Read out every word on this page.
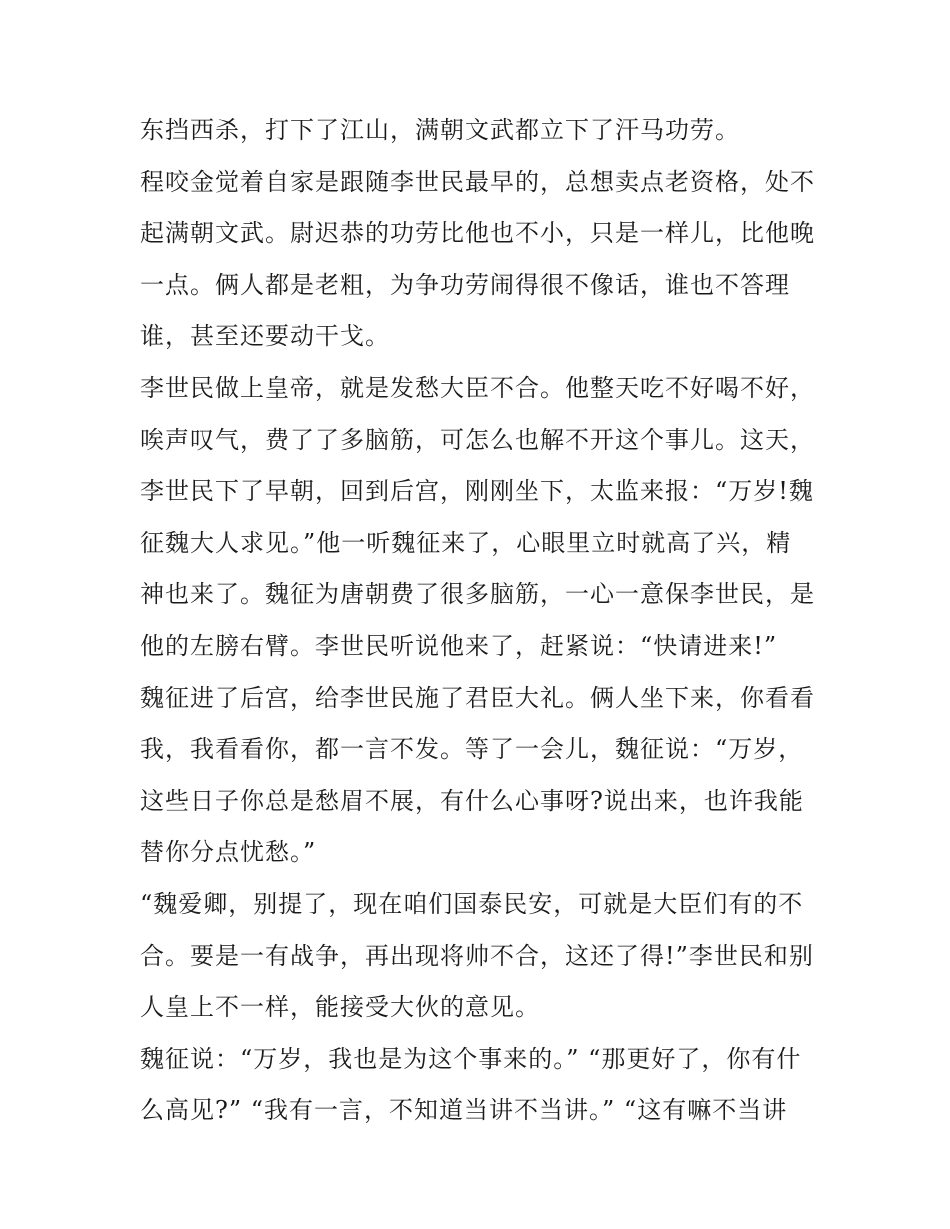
东挡西杀，打下了江山，满朝文武都立下了汗马功劳。
程咬金觉着自家是跟随李世民最早的，总想卖点老资格，处不
起满朝文武。尉迟恭的功劳比他也不小，只是一样儿，比他晚
一点。俩人都是老粗，为争功劳闹得很不像话，谁也不答理
谁，甚至还要动干戈。
李世民做上皇帝，就是发愁大臣不合。他整天吃不好喝不好，
唉声叹气，费了了多脑筋，可怎么也解不开这个事儿。这天，
李世民下了早朝，回到后宫，刚刚坐下，太监来报：“万岁!魏
征魏大人求见。”他一听魏征来了，心眼里立时就高了兴，精
神也来了。魏征为唐朝费了很多脑筋，一心一意保李世民，是
他的左膀右臂。李世民听说他来了，赶紧说：“快请进来!”
魏征进了后宫，给李世民施了君臣大礼。俩人坐下来，你看看
我，我看看你，都一言不发。等了一会儿，魏征说：“万岁，
这些日子你总是愁眉不展，有什么心事呀?说出来，也许我能
替你分点忧愁。”
“魏爱卿，别提了，现在咱们国泰民安，可就是大臣们有的不
合。要是一有战争，再出现将帅不合，这还了得!”李世民和别
人皇上不一样，能接受大伙的意见。
魏征说：“万岁，我也是为这个事来的。” “那更好了，你有什
么高见?” “我有一言，不知道当讲不当讲。” “这有嘛不当讲
